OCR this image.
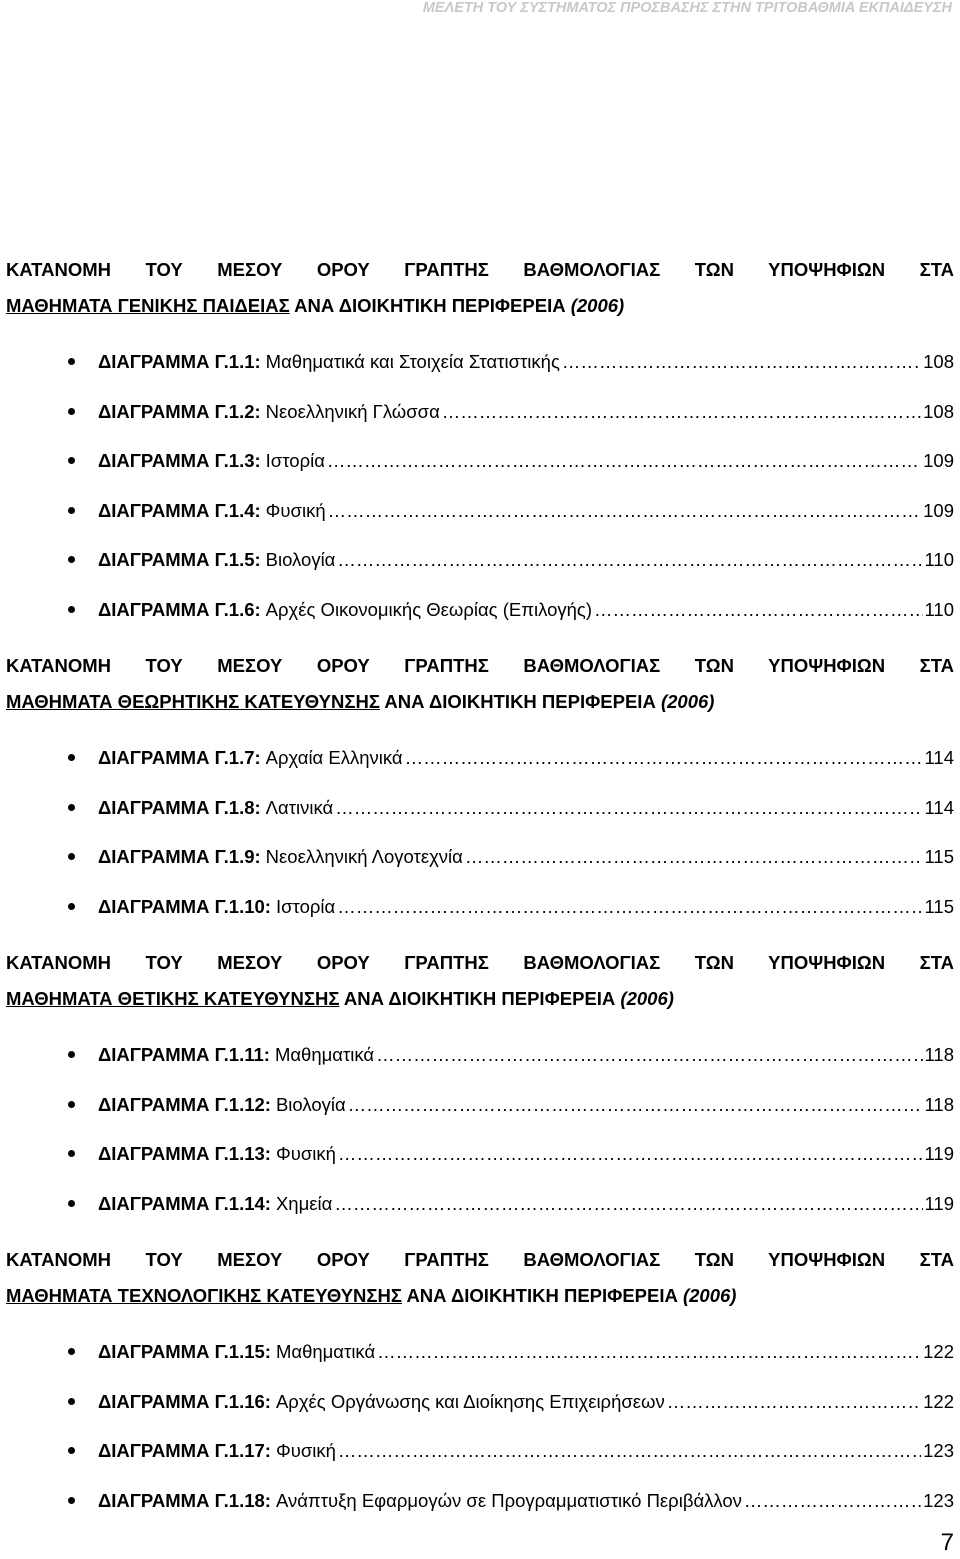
ΜΕΛΕΤΗ ΤΟΥ ΣΥΣΤΗΜΑΤΟΣ ΠΡΟΣΒΑΣΗΣ ΣΤΗΝ ΤΡΙΤΟΒΑΘΜΙΑ ΕΚΠΑΙΔΕΥΣΗ
ΚΑΤΑΝΟΜΗ ΤΟΥ ΜΕΣΟΥ ΟΡΟΥ ΓΡΑΠΤΗΣ ΒΑΘΜΟΛΟΓΙΑΣ ΤΩΝ ΥΠΟΨΗΦΙΩΝ ΣΤΑ
ΜΑΘΗΜΑΤΑ ΓΕΝΙΚΗΣ ΠΑΙΔΕΙΑΣ ΑΝΑ ΔΙΟΙΚΗΤΙΚΗ ΠΕΡΙΦΕΡΕΙΑ (2006)
ΔΙΑΓΡΑΜΜΑ Γ.1.1: Μαθηματικά και Στοιχεία Στατιστικής …………………………………………………………………………………………………………………………………………………………………………………………	108
ΔΙΑΓΡΑΜΜΑ Γ.1.2: Νεοελληνική Γλώσσα …………………………………………………………………………………………………………………………………………………………………………………………	108
ΔΙΑΓΡΑΜΜΑ Γ.1.3: Ιστορία …………………………………………………………………………………………………………………………………………………………………………………………	109
ΔΙΑΓΡΑΜΜΑ Γ.1.4: Φυσική …………………………………………………………………………………………………………………………………………………………………………………………	109
ΔΙΑΓΡΑΜΜΑ Γ.1.5: Βιολογία …………………………………………………………………………………………………………………………………………………………………………………………	110
ΔΙΑΓΡΑΜΜΑ Γ.1.6: Αρχές Οικονομικής Θεωρίας (Επιλογής) …………………………………………………………………………………………………………………………………………………………………………………………	110
ΚΑΤΑΝΟΜΗ ΤΟΥ ΜΕΣΟΥ ΟΡΟΥ ΓΡΑΠΤΗΣ ΒΑΘΜΟΛΟΓΙΑΣ ΤΩΝ ΥΠΟΨΗΦΙΩΝ ΣΤΑ
ΜΑΘΗΜΑΤΑ ΘΕΩΡΗΤΙΚΗΣ ΚΑΤΕΥΘΥΝΣΗΣ ΑΝΑ ΔΙΟΙΚΗΤΙΚΗ ΠΕΡΙΦΕΡΕΙΑ (2006)
ΔΙΑΓΡΑΜΜΑ Γ.1.7: Αρχαία Ελληνικά …………………………………………………………………………………………………………………………………………………………………………………………	114
ΔΙΑΓΡΑΜΜΑ Γ.1.8: Λατινικά …………………………………………………………………………………………………………………………………………………………………………………………	114
ΔΙΑΓΡΑΜΜΑ Γ.1.9: Νεοελληνική Λογοτεχνία …………………………………………………………………………………………………………………………………………………………………………………………	115
ΔΙΑΓΡΑΜΜΑ Γ.1.10: Ιστορία …………………………………………………………………………………………………………………………………………………………………………………………	115
ΚΑΤΑΝΟΜΗ ΤΟΥ ΜΕΣΟΥ ΟΡΟΥ ΓΡΑΠΤΗΣ ΒΑΘΜΟΛΟΓΙΑΣ ΤΩΝ ΥΠΟΨΗΦΙΩΝ ΣΤΑ
ΜΑΘΗΜΑΤΑ ΘΕΤΙΚΗΣ ΚΑΤΕΥΘΥΝΣΗΣ ΑΝΑ ΔΙΟΙΚΗΤΙΚΗ ΠΕΡΙΦΕΡΕΙΑ (2006)
ΔΙΑΓΡΑΜΜΑ Γ.1.11: Μαθηματικά …………………………………………………………………………………………………………………………………………………………………………………………	118
ΔΙΑΓΡΑΜΜΑ Γ.1.12: Βιολογία …………………………………………………………………………………………………………………………………………………………………………………………	118
ΔΙΑΓΡΑΜΜΑ Γ.1.13: Φυσική …………………………………………………………………………………………………………………………………………………………………………………………	119
ΔΙΑΓΡΑΜΜΑ Γ.1.14: Χημεία …………………………………………………………………………………………………………………………………………………………………………………………	119
ΚΑΤΑΝΟΜΗ ΤΟΥ ΜΕΣΟΥ ΟΡΟΥ ΓΡΑΠΤΗΣ ΒΑΘΜΟΛΟΓΙΑΣ ΤΩΝ ΥΠΟΨΗΦΙΩΝ ΣΤΑ
ΜΑΘΗΜΑΤΑ ΤΕΧΝΟΛΟΓΙΚΗΣ ΚΑΤΕΥΘΥΝΣΗΣ ΑΝΑ ΔΙΟΙΚΗΤΙΚΗ ΠΕΡΙΦΕΡΕΙΑ (2006)
ΔΙΑΓΡΑΜΜΑ Γ.1.15: Μαθηματικά …………………………………………………………………………………………………………………………………………………………………………………………	122
ΔΙΑΓΡΑΜΜΑ Γ.1.16: Αρχές Οργάνωσης και Διοίκησης Επιχειρήσεων …………………………………………………………………………………………………………………………………………………………………………………………	122
ΔΙΑΓΡΑΜΜΑ Γ.1.17: Φυσική …………………………………………………………………………………………………………………………………………………………………………………………	123
ΔΙΑΓΡΑΜΜΑ Γ.1.18: Ανάπτυξη Εφαρμογών σε Προγραμματιστικό Περιβάλλον …………………………………………………………………………………………………………………………………………………………………………………………	123
7
